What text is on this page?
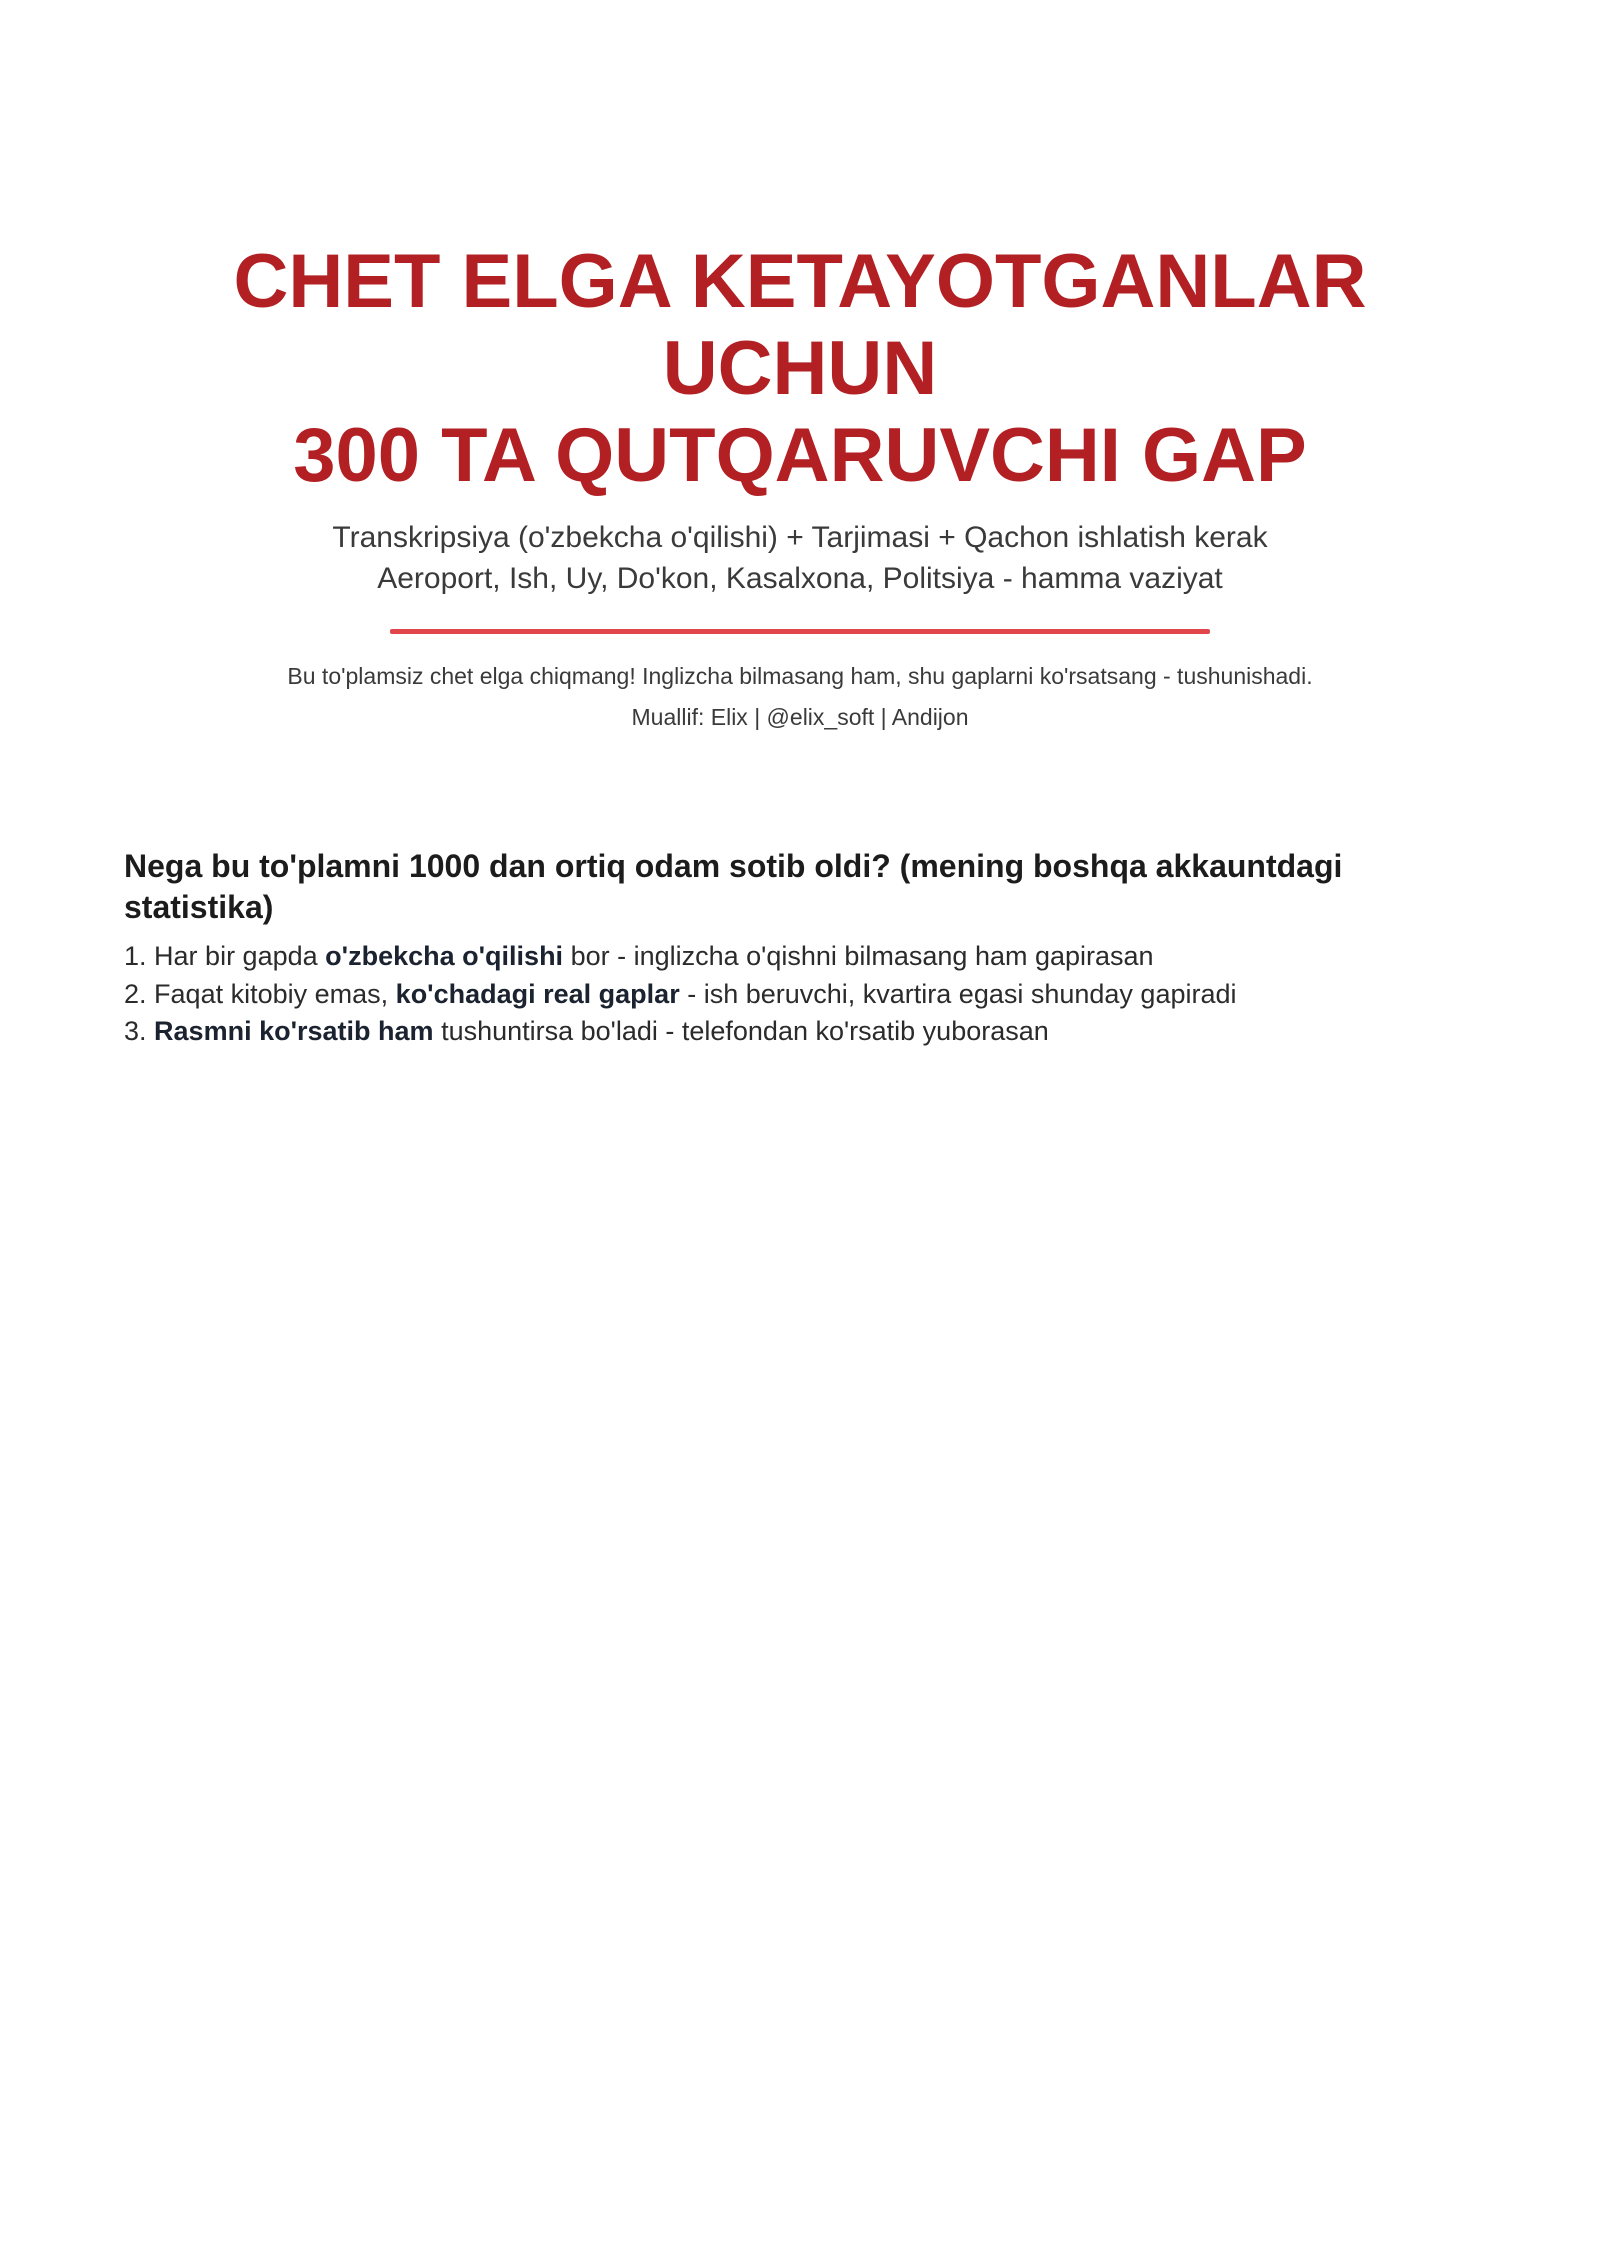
CHET ELGA KETAYOTGANLAR
UCHUN
300 TA QUTQARUVCHI GAP
Transkripsiya (o'zbekcha o'qilishi) + Tarjimasi + Qachon ishlatish kerak
Aeroport, Ish, Uy, Do'kon, Kasalxona, Politsiya - hamma vaziyat
Bu to'plamsiz chet elga chiqmang! Inglizcha bilmasang ham, shu gaplarni ko'rsatsang - tushunishadi.
Muallif: Elix | @elix_soft | Andijon
Nega bu to'plamni 1000 dan ortiq odam sotib oldi? (mening boshqa akkauntdagi statistika)
1. Har bir gapda o'zbekcha o'qilishi bor - inglizcha o'qishni bilmasang ham gapirasan
2. Faqat kitobiy emas, ko'chadagi real gaplar - ish beruvchi, kvartira egasi shunday gapiradi
3. Rasmni ko'rsatib ham tushuntirsa bo'ladi - telefondan ko'rsatib yuborasan
